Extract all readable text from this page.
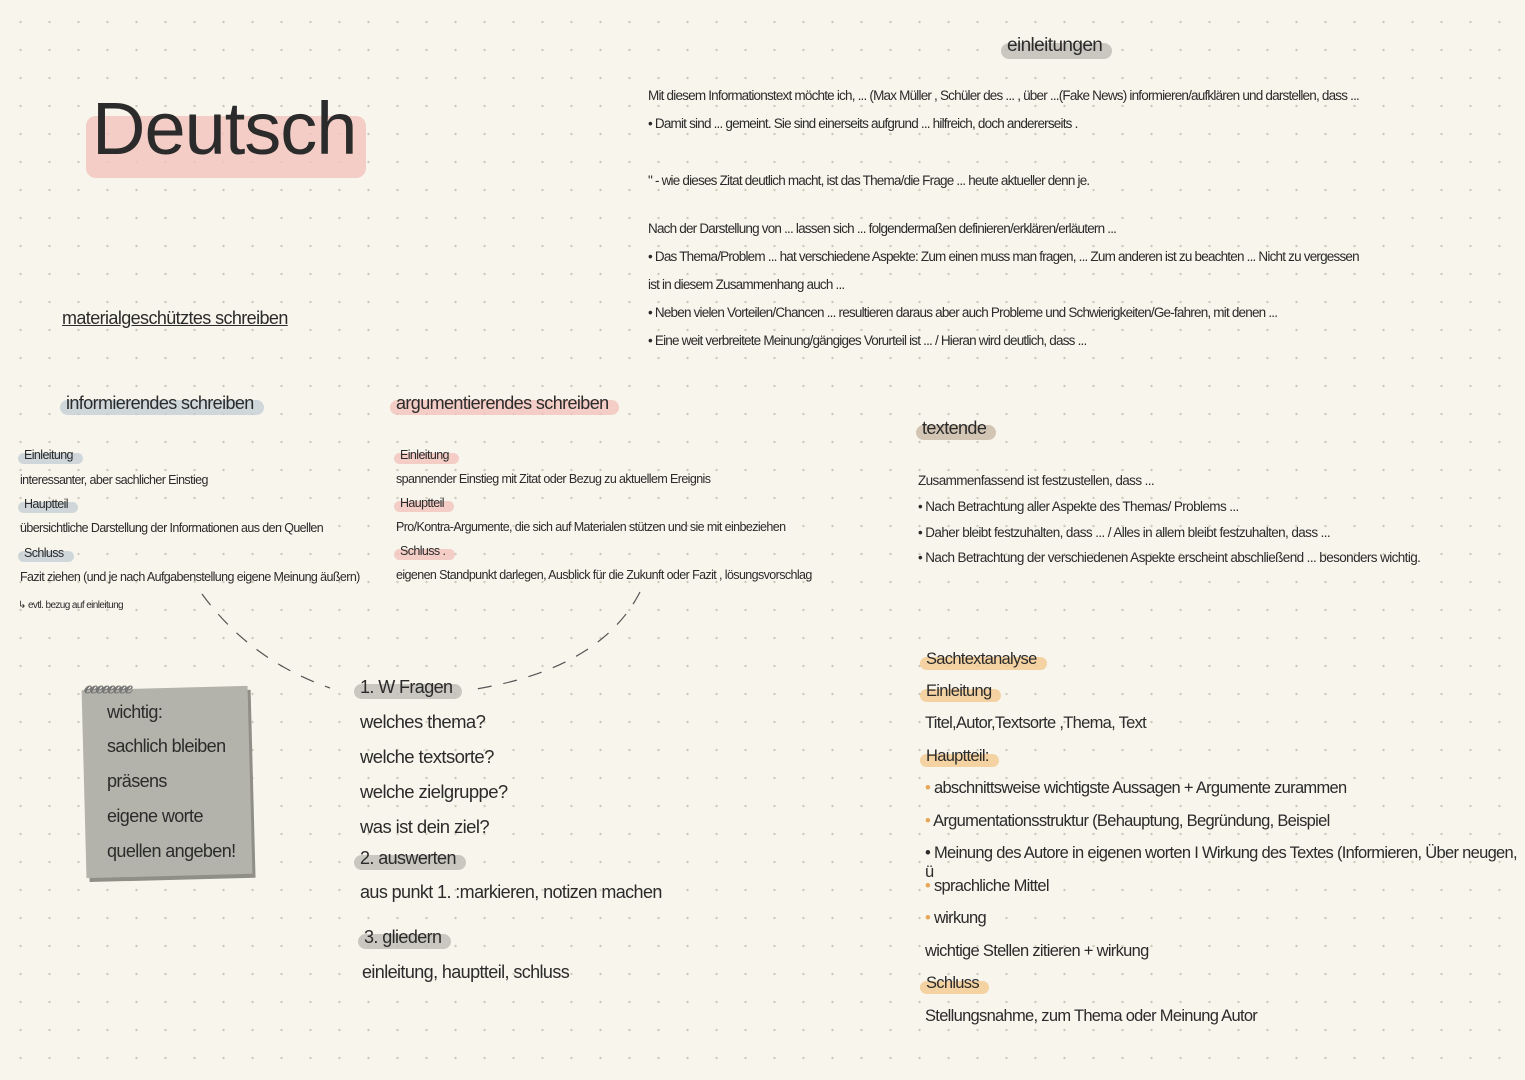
Deutsch
einleitungen
Mit diesem Informationstext möchte ich, ... (Max Müller , Schüler des ... , über ...(Fake News) informieren/aufklären und darstellen, dass ...
• Damit sind ... gemeint. Sie sind einerseits aufgrund ... hilfreich, doch andererseits .
" - wie dieses Zitat deutlich macht, ist das Thema/die Frage ... heute aktueller denn je.
Nach der Darstellung von ... lassen sich ... folgendermaßen definieren/erklären/erläutern ...
• Das Thema/Problem ... hat verschiedene Aspekte: Zum einen muss man fragen, ... Zum anderen ist zu beachten ... Nicht zu vergessen
ist in diesem Zusammenhang auch ...
• Neben vielen Vorteilen/Chancen ... resultieren daraus aber auch Probleme und Schwierigkeiten/Ge-fahren, mit denen ...
• Eine weit verbreitete Meinung/gängiges Vorurteil ist ... / Hieran wird deutlich, dass ...
materialgeschütztes schreiben
informierendes schreiben
Einleitung
interessanter, aber sachlicher Einstieg
Hauptteil
übersichtliche Darstellung der Informationen aus den Quellen
Schluss
Fazit ziehen (und je nach Aufgabenstellung eigene Meinung äußern)
↳ evtl. bezug auf einleitung
argumentierendes schreiben
Einleitung
spannender Einstieg mit Zitat oder Bezug zu aktuellem Ereignis
Hauptteil
Pro/Kontra-Argumente, die sich auf Materialen stützen und sie mit einbeziehen
Schluss .
eigenen Standpunkt darlegen, Ausblick für die Zukunft oder Fazit , lösungsvorschlag
textende
Zusammenfassend ist festzustellen, dass ...
• Nach Betrachtung aller Aspekte des Themas/ Problems ...
• Daher bleibt festzuhalten, dass ... / Alles in allem bleibt festzuhalten, dass ...
• Nach Betrachtung der verschiedenen Aspekte erscheint abschließend ... besonders wichtig.
𝓮𝓮𝓮𝓮𝓮𝓮𝓮𝓮
wichtig:
sachlich bleiben
präsens
eigene worte
quellen angeben!
1. W Fragen
welches thema?
welche textsorte?
welche zielgruppe?
was ist dein ziel?
2. auswerten
aus punkt 1. :markieren, notizen machen
3. gliedern
einleitung, hauptteil, schluss
Sachtextanalyse
Einleitung
Titel,Autor,Textsorte ,Thema, Text
Hauptteil:
• abschnittsweise wichtigste Aussagen + Argumente zurammen
• Argumentationsstruktur (Behauptung, Begründung, Beispiel
• Meinung des Autore in eigenen worten I Wirkung des Textes (Informieren, Über neugen, ü
• sprachliche Mittel
• wirkung
wichtige Stellen zitieren + wirkung
Schluss
Stellungsnahme, zum Thema oder Meinung Autor
